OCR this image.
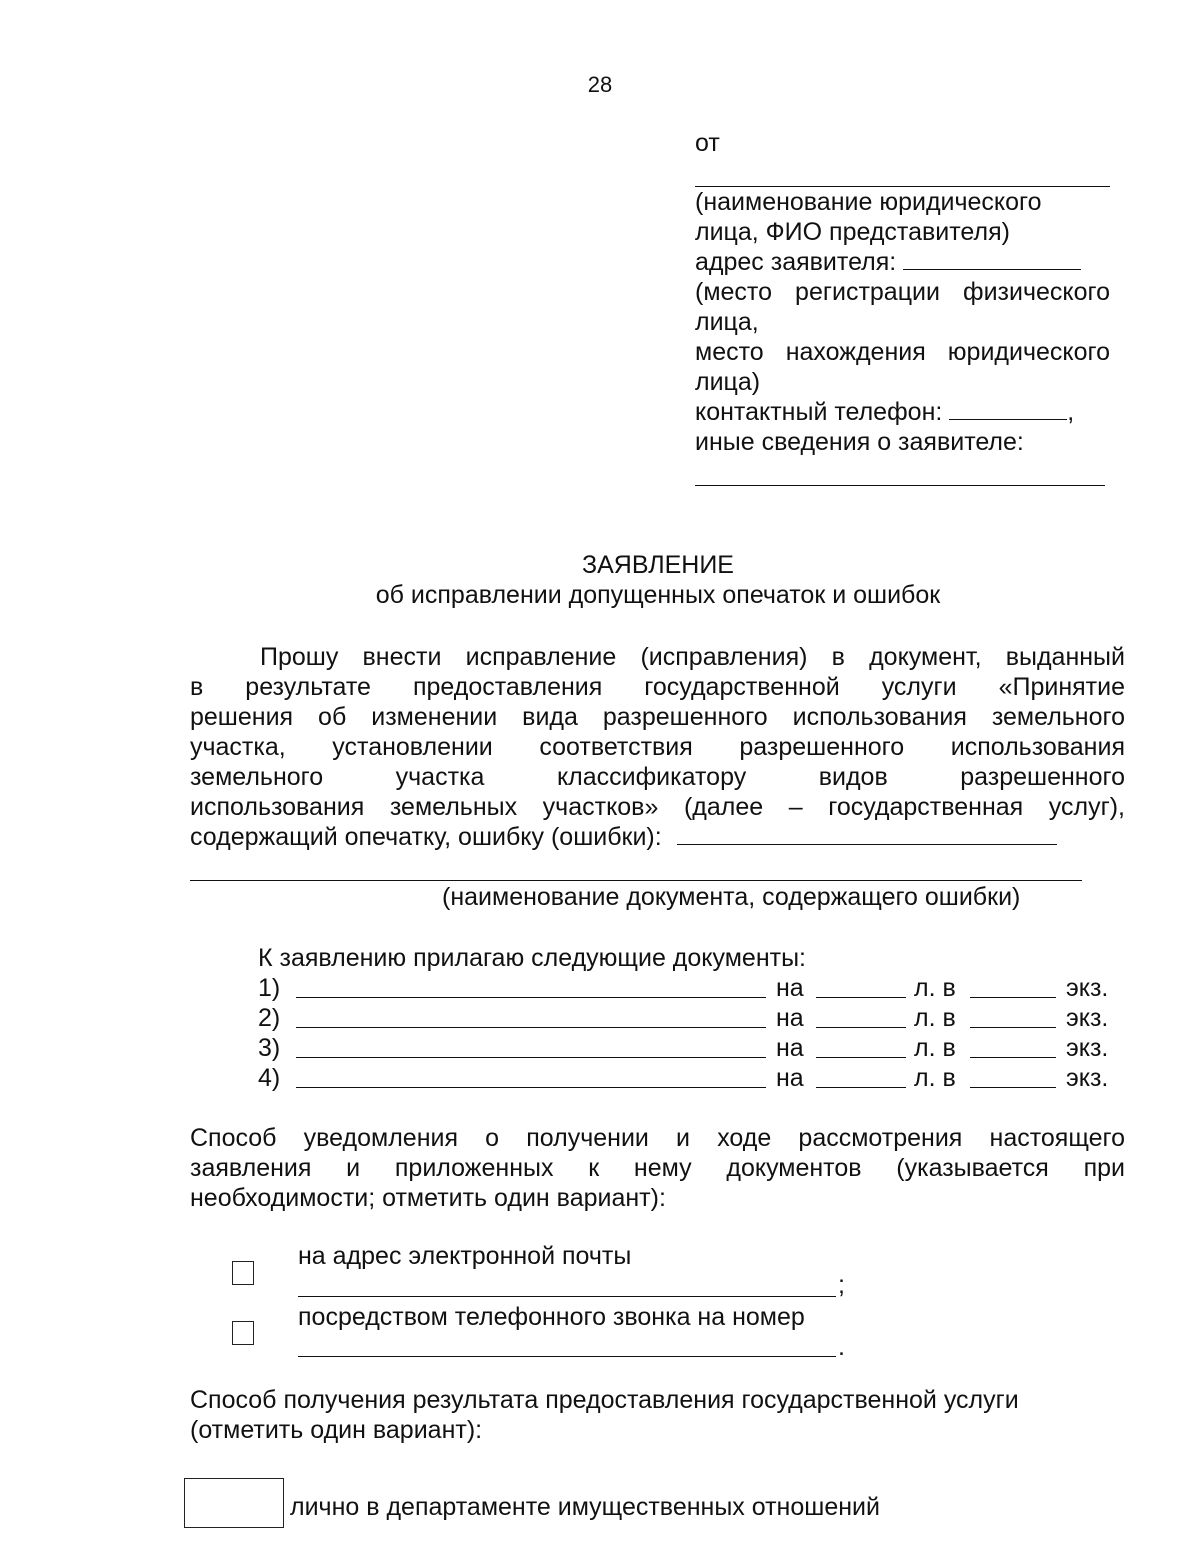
28
от
(наименование юридического
лица, ФИО представителя)
адрес заявителя:
(место регистрации физического
лица,
место нахождения юридического
лица)
контактный телефон:	,
иные сведения о заявителе:
ЗАЯВЛЕНИЕ
об исправлении допущенных опечаток и ошибок
Прошу внести исправление (исправления) в документ, выданный
в результате предоставления государственной услуги «Принятие
решения об изменении вида разрешенного использования земельного
участка, установлении соответствия разрешенного использования
земельного участка классификатору видов разрешенного
использования земельных участков» (далее – государственная услуг),
содержащий опечатку, ошибку (ошибки):
(наименование документа, содержащего ошибки)
К заявлению прилагаю следующие документы:
1)	на	л. в	экз.
2)	на	л. в	экз.
3)	на	л. в	экз.
4)	на	л. в	экз.
Способ уведомления о получении и ходе рассмотрения настоящего
заявления и приложенных к нему документов (указывается при
необходимости; отметить один вариант):
на адрес электронной почты
;
посредством телефонного звонка на номер
.
Способ получения результата предоставления государственной услуги
(отметить один вариант):
лично в департаменте имущественных отношений
